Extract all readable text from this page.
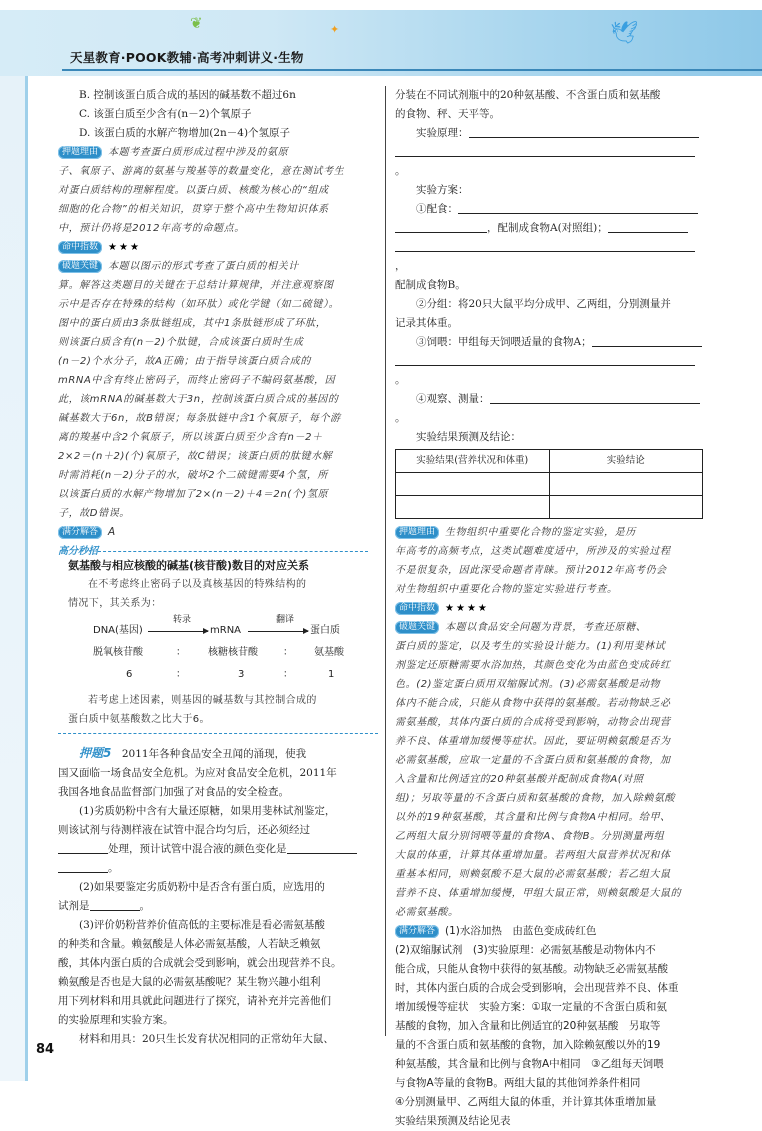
❦	✦	🕊
天星教育·POOK教辅·高考冲刺讲义·生物

B. 控制该蛋白质合成的基因的碱基数不超过6n

C. 该蛋白质至少含有(n－2)个氧原子

D. 该蛋白质的水解产物增加(2n－4)个氢原子

押题理由 本题考查蛋白质形成过程中涉及的氨原

子、氧原子、游离的氨基与羧基等的数量变化，意在测试考生

对蛋白质结构的理解程度。以蛋白质、核酸为核心的“组成

细胞的化合物”的相关知识，贯穿于整个高中生物知识体系

中，预计仍将是2012年高考的命题点。

命中指数 ★★★

破题关键 本题以图示的形式考查了蛋白质的相关计

算。解答这类题目的关键在于总结计算规律，并注意观察图

示中是否存在特殊的结构（如环肽）或化学键（如二硫键）。

图中的蛋白质由3条肽链组成，其中1条肽链形成了环肽，

则该蛋白质含有(n－2)个肽键，合成该蛋白质时生成

(n－2)个水分子，故A正确；由于指导该蛋白质合成的

mRNA中含有终止密码子，而终止密码子不编码氨基酸，因

此，该mRNA的碱基数大于3n，控制该蛋白质合成的基因的

碱基数大于6n，故B错误；每条肽链中含1个氧原子，每个游

离的羧基中含2个氧原子，所以该蛋白质至少含有n－2＋

2×2＝(n＋2)(个)氧原子，故C错误；该蛋白质的肽键水解

时需消耗(n－2)分子的水，破坏2个二硫键需要4个氢，所

以该蛋白质的水解产物增加了2×(n－2)＋4＝2n(个)氢原

子，故D错误。

满分解答 A

高分秒招

氨基酸与相应核酸的碱基(核苷酸)数目的对应关系

在不考虑终止密码子以及真核基因的特殊结构的

情况下，其关系为：

DNA(基因)
转录
mRNA
翻译
蛋白质
脱氧核苷酸	： 核糖核苷酸	： 氨基酸
6	：	3	：	1

若考虑上述因素，则基因的碱基数与其控制合成的

蛋白质中氨基酸数之比大于6。

押题5　 2011年各种食品安全丑闻的涌现，使我

国又面临一场食品安全危机。为应对食品安全危机，2011年

我国各地食品监督部门加强了对食品的安全检查。

(1)劣质奶粉中含有大量还原糖，如果用斐林试剂鉴定，

则该试剂与待测样液在试管中混合均匀后，还必须经过

处理，预计试管中混合液的颜色变化是

。

(2)如果要鉴定劣质奶粉中是否含有蛋白质，应选用的

试剂是	。

(3)评价奶粉营养价值高低的主要标准是看必需氨基酸

的种类和含量。赖氨酸是人体必需氨基酸，人若缺乏赖氨

酸，其体内蛋白质的合成就会受到影响，就会出现营养不良。

赖氨酸是否也是大鼠的必需氨基酸呢？某生物兴趣小组利

用下列材料和用具就此问题进行了探究，请补充并完善他们

的实验原理和实验方案。

材料和用具：20只生长发育状况相同的正常幼年大鼠、

分装在不同试剂瓶中的20种氨基酸、不含蛋白质和氨基酸

的食物、秤、天平等。

实验原理：

。

实验方案：

①配食：

，配制成食物A(对照组)；

，

配制成食物B。

②分组：将20只大鼠平均分成甲、乙两组，分别测量并

记录其体重。

③饲喂：甲组每天饲喂适量的食物A；

。

④观察、测量：。

实验结果预测及结论：

实验结果(营养状况和体重)	实验结论

押题理由 生物组织中重要化合物的鉴定实验，是历

年高考的高频考点，这类试题难度适中，所涉及的实验过程

不是很复杂，因此深受命题者青睐。预计2012年高考仍会

对生物组织中重要化合物的鉴定实验进行考查。

命中指数 ★★★★

破题关键 本题以食品安全问题为背景，考查还原糖、

蛋白质的鉴定，以及考生的实验设计能力。(1)利用斐林试

剂鉴定还原糖需要水浴加热，其颜色变化为由蓝色变成砖红

色。(2)鉴定蛋白质用双缩脲试剂。(3)必需氨基酸是动物

体内不能合成，只能从食物中获得的氨基酸。若动物缺乏必

需氨基酸，其体内蛋白质的合成将受到影响，动物会出现营

养不良、体重增加缓慢等症状。因此，要证明赖氨酸是否为

必需氨基酸，应取一定量的不含蛋白质和氨基酸的食物，加

入含量和比例适宜的20种氨基酸并配制成食物A(对照

组)；另取等量的不含蛋白质和氨基酸的食物，加入除赖氨酸

以外的19种氨基酸，其含量和比例与食物A中相同。给甲、

乙两组大鼠分别饲喂等量的食物A、食物B。分别测量两组

大鼠的体重，计算其体重增加量。若两组大鼠营养状况和体

重基本相同，则赖氨酸不是大鼠的必需氨基酸；若乙组大鼠

营养不良、体重增加缓慢，甲组大鼠正常，则赖氨酸是大鼠的

必需氨基酸。

满分解答 (1)水浴加热　由蓝色变成砖红色

(2)双缩脲试剂　(3)实验原理：必需氨基酸是动物体内不

能合成，只能从食物中获得的氨基酸。动物缺乏必需氨基酸

时，其体内蛋白质的合成会受到影响，会出现营养不良、体重

增加缓慢等症状　实验方案：①取一定量的不含蛋白质和氨

基酸的食物，加入含量和比例适宜的20种氨基酸　另取等

量的不含蛋白质和氨基酸的食物，加入除赖氨酸以外的19

种氨基酸，其含量和比例与食物A中相同　③乙组每天饲喂

与食物A等量的食物B。两组大鼠的其他饲养条件相同

④分别测量甲、乙两组大鼠的体重，并计算其体重增加量

实验结果预测及结论见表

84
